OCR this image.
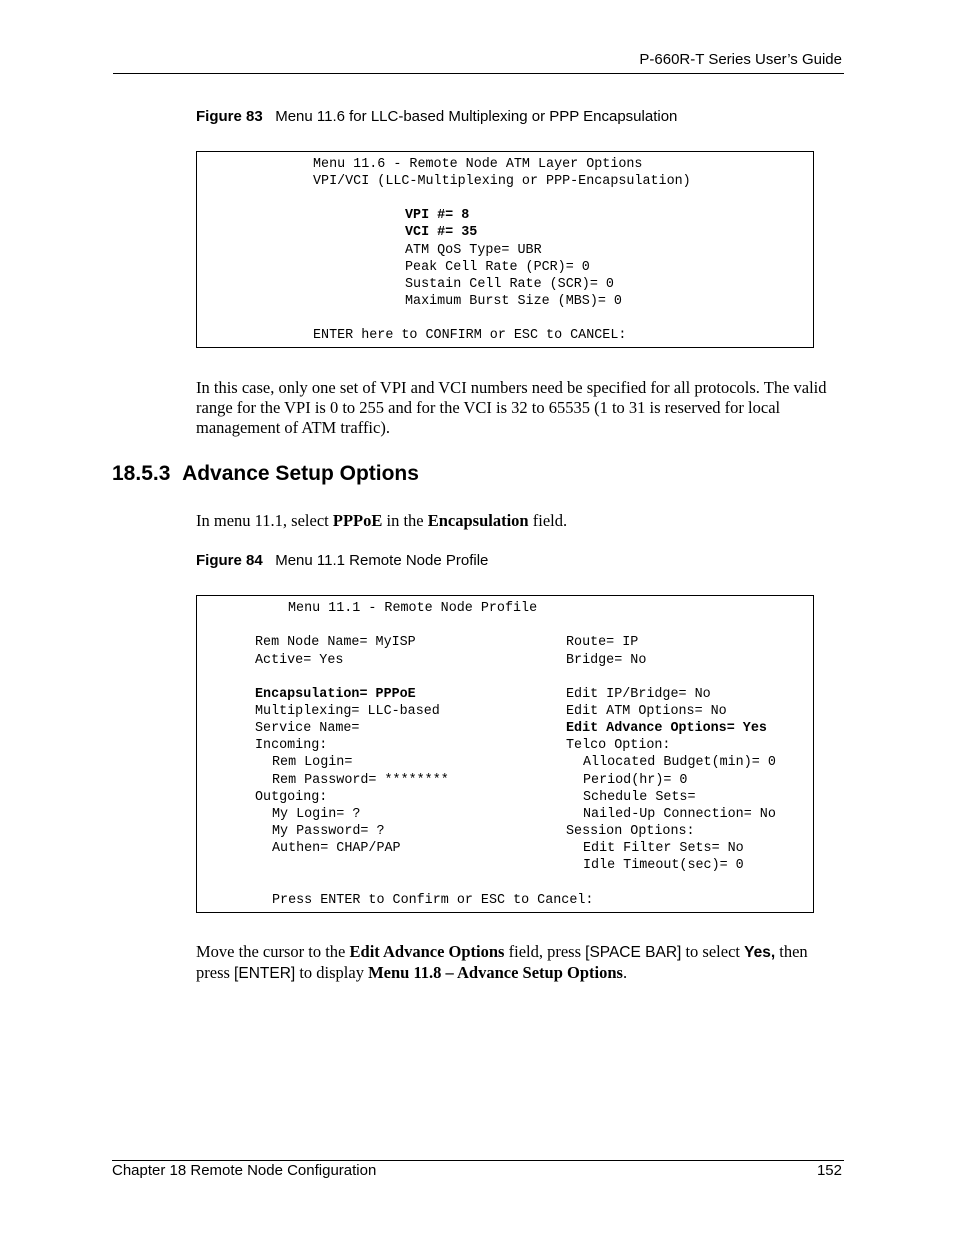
P-660R-T Series User’s Guide
Figure 83 Menu 11.6 for LLC-based Multiplexing or PPP Encapsulation
Menu 11.6 - Remote Node ATM Layer Options
VPI/VCI (LLC-Multiplexing or PPP-Encapsulation)
VPI #= 8
VCI #= 35
ATM QoS Type= UBR
Peak Cell Rate (PCR)= 0
Sustain Cell Rate (SCR)= 0
Maximum Burst Size (MBS)= 0
ENTER here to CONFIRM or ESC to CANCEL:
In this case, only one set of VPI and VCI numbers need be specified for all protocols. The valid range for the VPI is 0 to 255 and for the VCI is 32 to 65535 (1 to 31 is reserved for local management of ATM traffic).
18.5.3 Advance Setup Options
In menu 11.1, select PPPoE in the Encapsulation field.
Figure 84 Menu 11.1 Remote Node Profile
Menu 11.1 - Remote Node Profile
Rem Node Name= MyISP
Active= Yes
Encapsulation= PPPoE
Multiplexing= LLC-based
Service Name=
Incoming:
Rem Login=
Rem Password= ********
Outgoing:
My Login= ?
My Password= ?
Authen= CHAP/PAP
Route= IP
Bridge= No
Edit IP/Bridge= No
Edit ATM Options= No
Edit Advance Options= Yes
Telco Option:
Allocated Budget(min)= 0
Period(hr)= 0
Schedule Sets=
Nailed-Up Connection= No
Session Options:
Edit Filter Sets= No
Idle Timeout(sec)= 0
Press ENTER to Confirm or ESC to Cancel:
Move the cursor to the Edit Advance Options field, press [SPACE BAR] to select Yes, then press [ENTER] to display Menu 11.8 – Advance Setup Options.
Chapter 18 Remote Node Configuration	152
